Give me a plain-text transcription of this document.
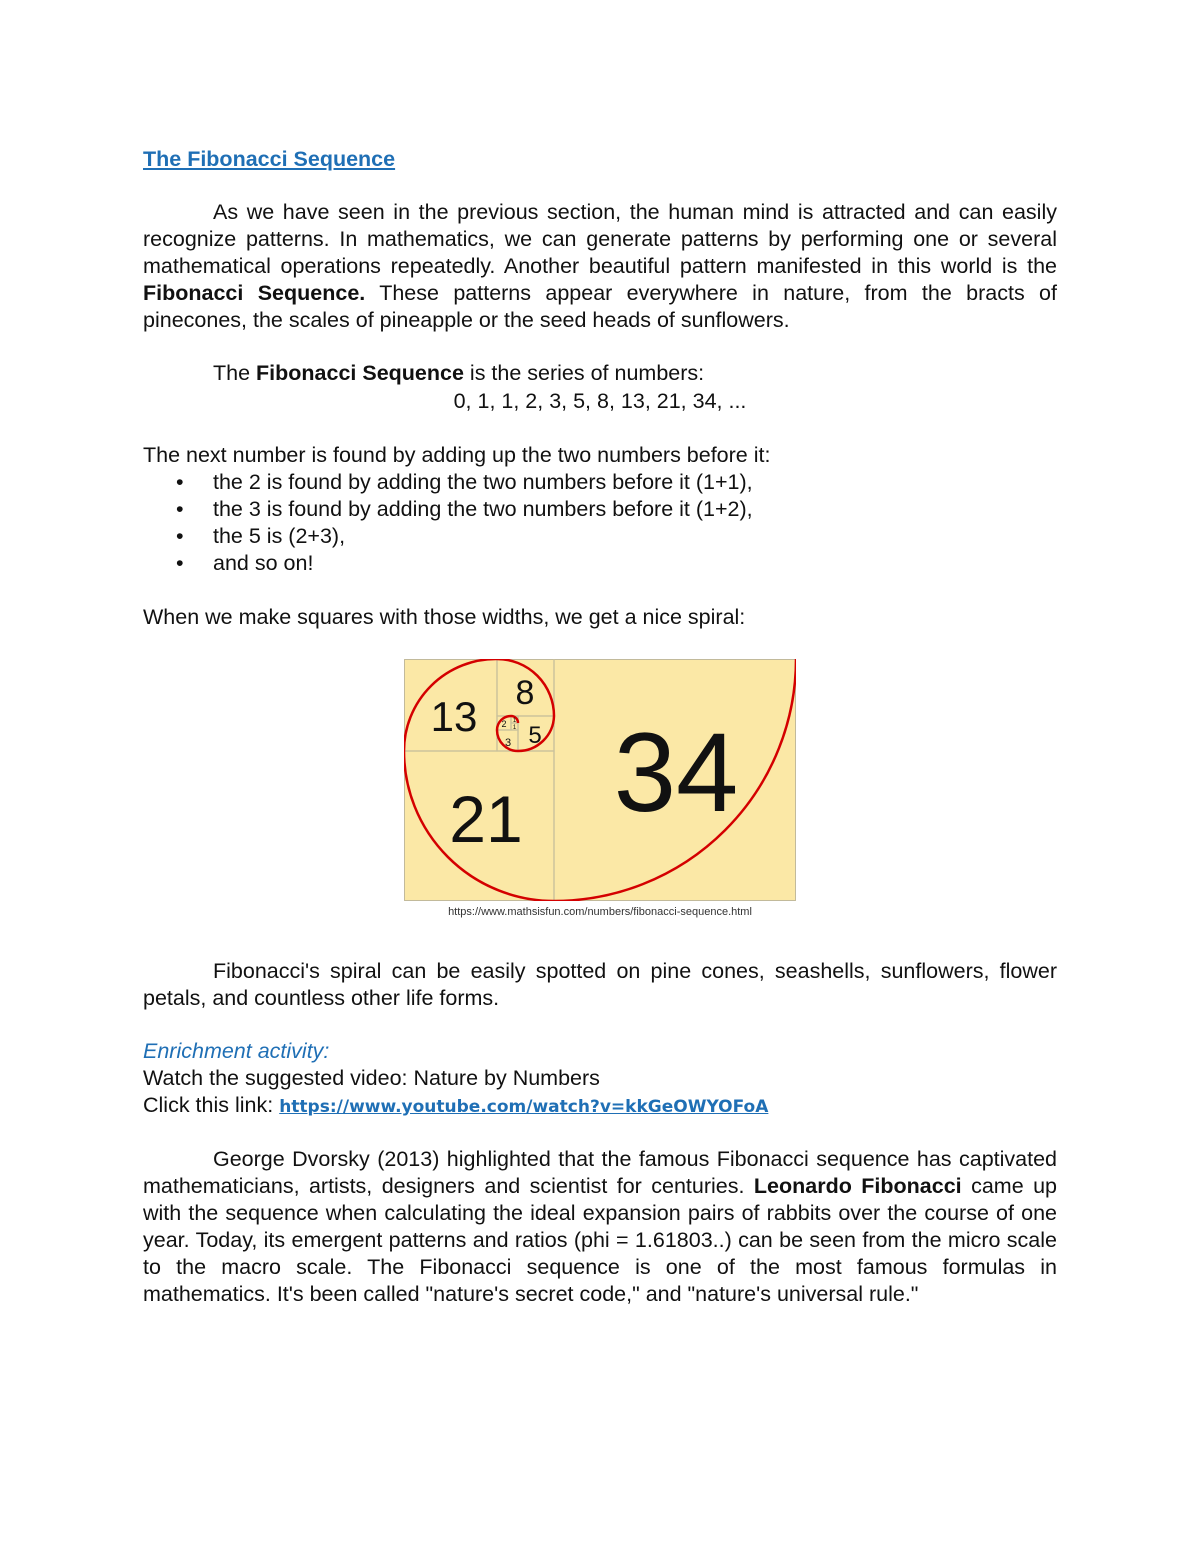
The Fibonacci Sequence
As we have seen in the previous section, the human mind is attracted and can easily recognize patterns. In mathematics, we can generate patterns by performing one or several mathematical operations repeatedly. Another beautiful pattern manifested in this world is the Fibonacci Sequence. These patterns appear everywhere in nature, from the bracts of pinecones, the scales of pineapple or the seed heads of sunflowers.
The Fibonacci Sequence is the series of numbers:
0, 1, 1, 2, 3, 5, 8, 13, 21, 34, ...
The next number is found by adding up the two numbers before it:
• the 2 is found by adding the two numbers before it (1+1),
• the 3 is found by adding the two numbers before it (1+2),
• the 5 is (2+3),
• and so on!
When we make squares with those widths, we get a nice spiral:
34
21
13 8
5
3
2 1
1
https://www.mathsisfun.com/numbers/fibonacci-sequence.html
Fibonacci's spiral can be easily spotted on pine cones, seashells, sunflowers, flower petals, and countless other life forms.
Enrichment activity:
Watch the suggested video: Nature by Numbers
Click this link: https://www.youtube.com/watch?v=kkGeOWYOFoA
George Dvorsky (2013) highlighted that the famous Fibonacci sequence has captivated mathematicians, artists, designers and scientist for centuries. Leonardo Fibonacci came up with the sequence when calculating the ideal expansion pairs of rabbits over the course of one year. Today, its emergent patterns and ratios (phi = 1.61803..) can be seen from the micro scale to the macro scale. The Fibonacci sequence is one of the most famous formulas in mathematics. It's been called "nature's secret code," and "nature's universal rule."
